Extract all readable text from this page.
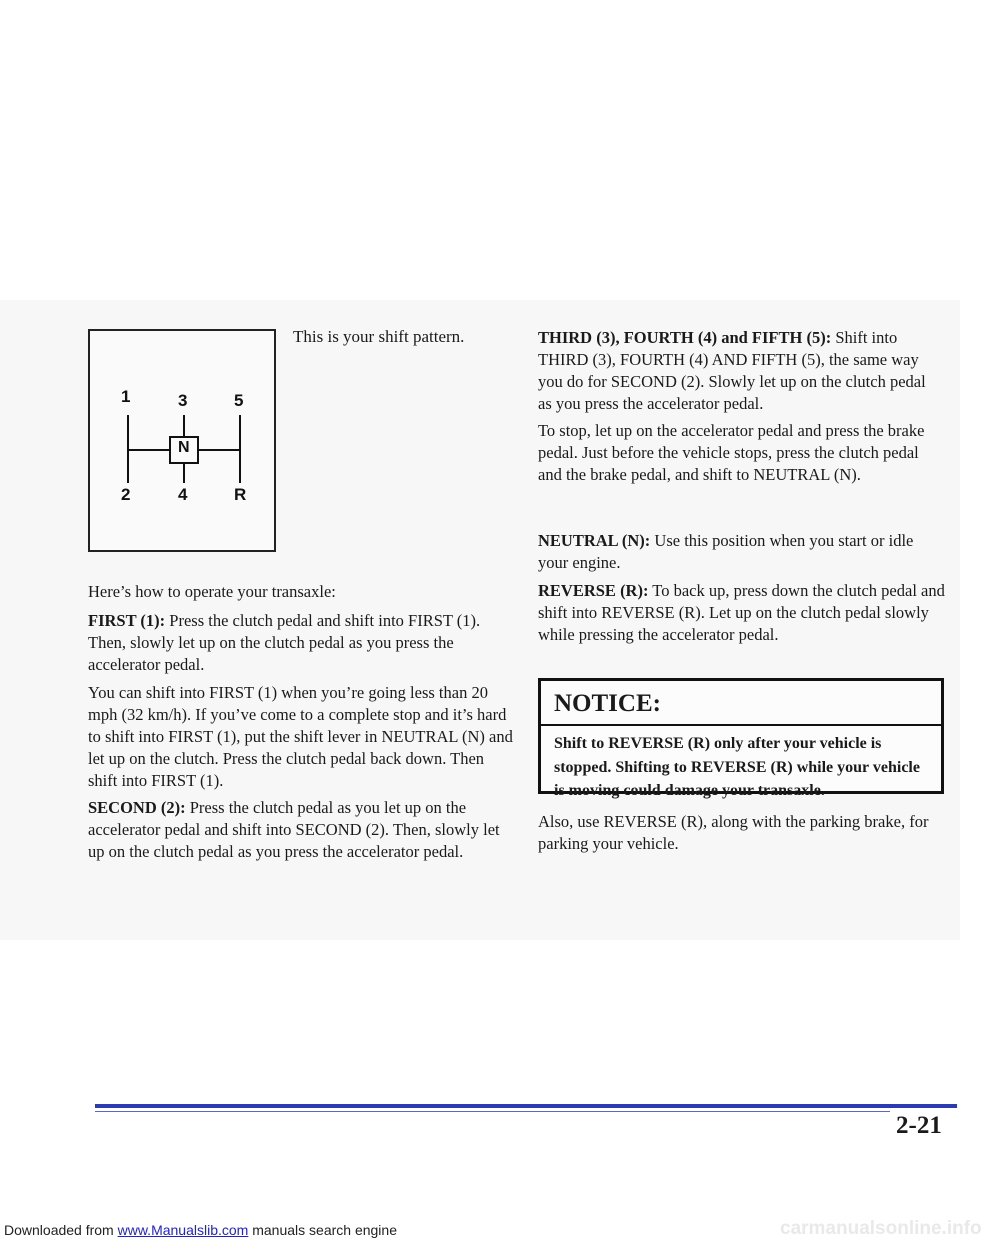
1	3	5
N
2	4	R
This is your shift pattern.

Here’s how to operate your transaxle:

FIRST (1): Press the clutch pedal and shift into FIRST (1). Then, slowly let up on the clutch pedal as you press the accelerator pedal.

You can shift into FIRST (1) when you’re going less than 20 mph (32 km/h). If you’ve come to a complete stop and it’s hard to shift into FIRST (1), put the shift lever in NEUTRAL (N) and let up on the clutch. Press the clutch pedal back down. Then shift into FIRST (1).

SECOND (2): Press the clutch pedal as you let up on the accelerator pedal and shift into SECOND (2). Then, slowly let up on the clutch pedal as you press the accelerator pedal.

THIRD (3), FOURTH (4) and FIFTH (5): Shift into THIRD (3), FOURTH (4) AND FIFTH (5), the same way you do for SECOND (2). Slowly let up on the clutch pedal as you press the accelerator pedal.

To stop, let up on the accelerator pedal and press the brake pedal. Just before the vehicle stops, press the clutch pedal and the brake pedal, and shift to NEUTRAL (N).

NEUTRAL (N): Use this position when you start or idle your engine.

REVERSE (R): To back up, press down the clutch pedal and shift into REVERSE (R). Let up on the clutch pedal slowly while pressing the accelerator pedal.

NOTICE:
Shift to REVERSE (R) only after your vehicle is stopped. Shifting to REVERSE (R) while your vehicle is moving could damage your transaxle.

Also, use REVERSE (R), along with the parking brake, for parking your vehicle.

2-21
Downloaded from www.Manualslib.com manuals search engine	carmanualsonline.info
